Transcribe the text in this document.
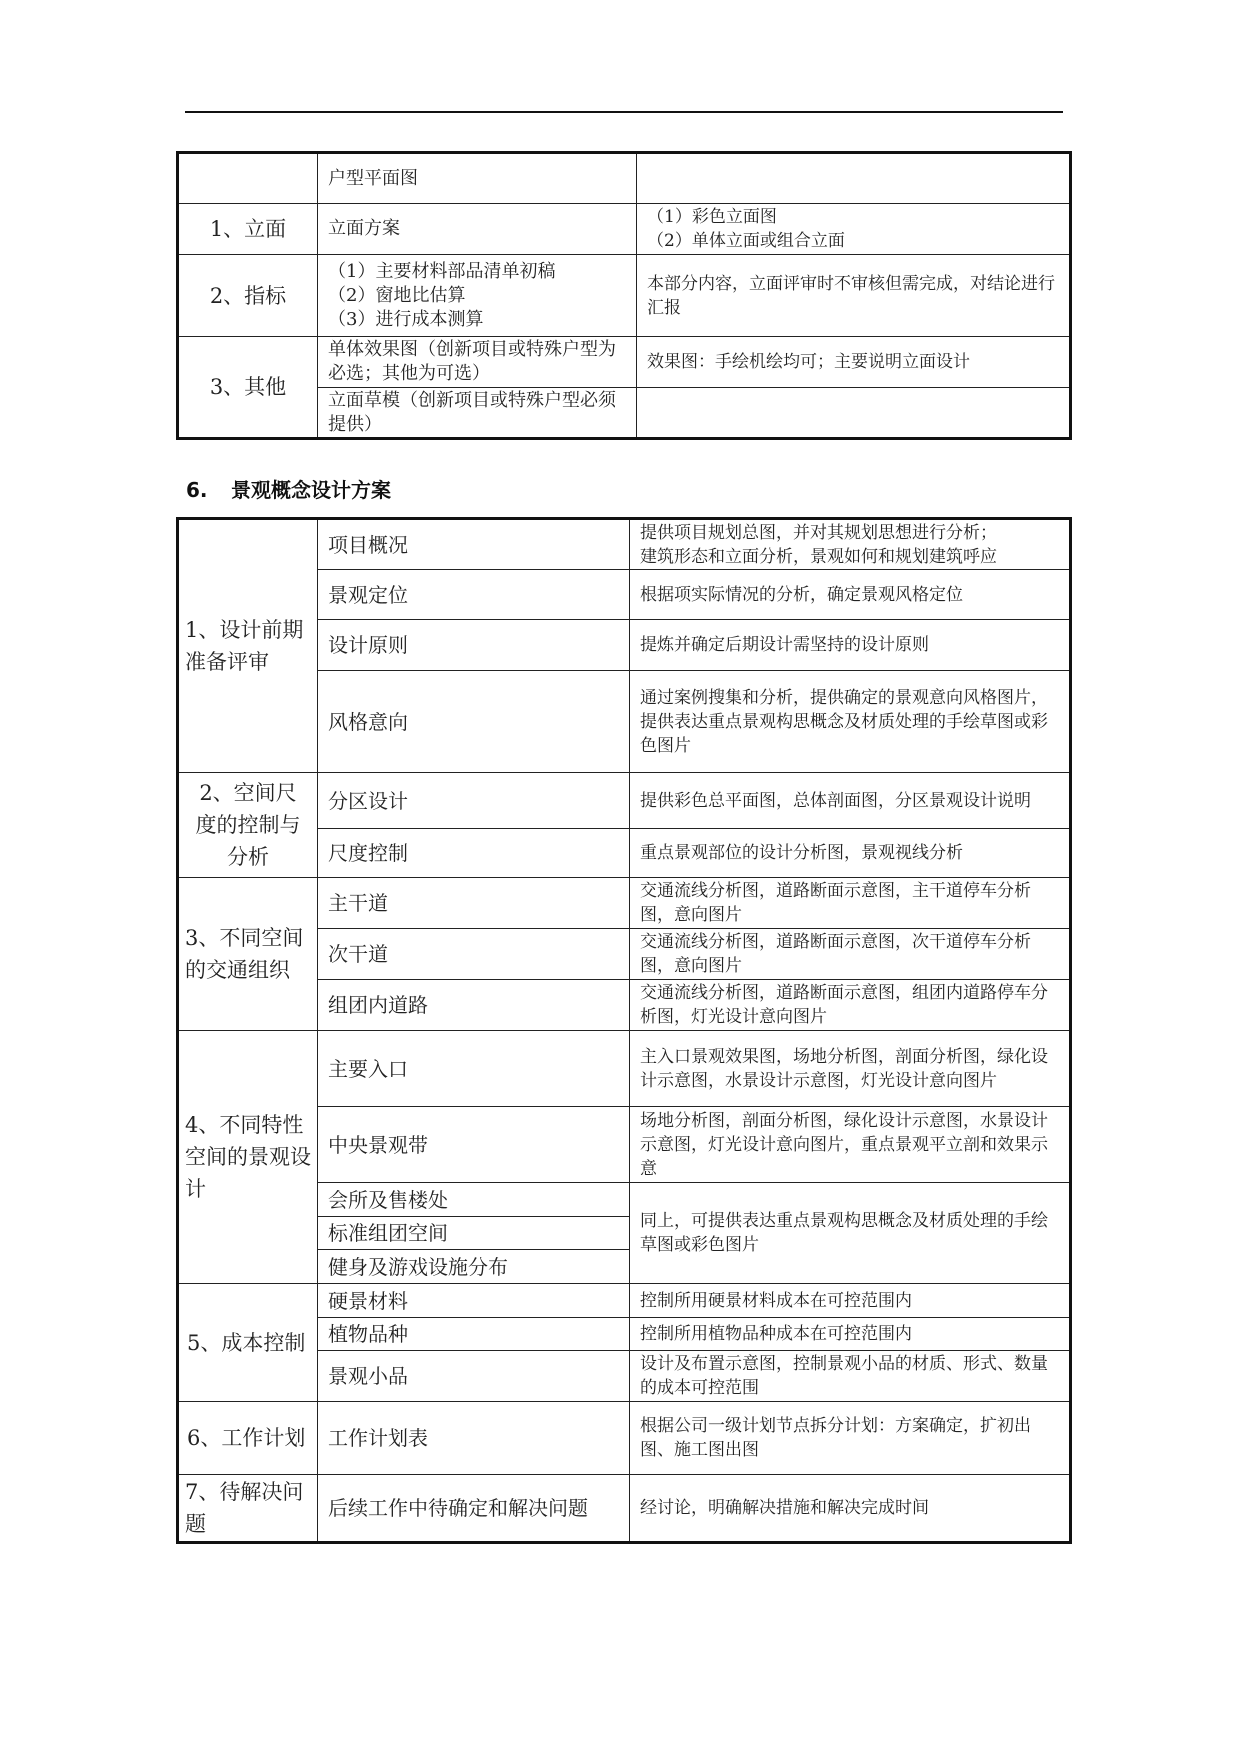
	户型平面图	
1、立面	立面方案	（1）彩色立面图
（2）单体立面或组合立面

2、指标	（1）主要材料部品清单初稿
（2）窗地比估算
（3）进行成本测算	本部分内容，立面评审时不审核但需完成，对结论进行汇报
3、其他	单体效果图（创新项目或特殊户型为必选；其他为可选）	效果图：手绘机绘均可；主要说明立面设计
	立面草模（创新项目或特殊户型必须提供）	
6. 景观概念设计方案
1、设计前期准备评审	项目概况	提供项目规划总图，并对其规划思想进行分析；
建筑形态和立面分析，景观如何和规划建筑呼应

	景观定位	根据项实际情况的分析，确定景观风格定位
	设计原则	提炼并确定后期设计需坚持的设计原则
	风格意向	通过案例搜集和分析，提供确定的景观意向风格图片，
提供表达重点景观构思概念及材质处理的手绘草图或彩色图片

2、空间尺度的控制与分析	分区设计	提供彩色总平面图，总体剖面图，分区景观设计说明
	尺度控制	重点景观部位的设计分析图，景观视线分析
3、不同空间的交通组织	主干道	交通流线分析图，道路断面示意图，主干道停车分析图，意向图片
	次干道	交通流线分析图，道路断面示意图，次干道停车分析图，意向图片
	组团内道路	交通流线分析图，道路断面示意图，组团内道路停车分析图，灯光设计意向图片
4、不同特性空间的景观设计	主要入口	主入口景观效果图，场地分析图，剖面分析图，绿化设计示意图，水景设计示意图，灯光设计意向图片
	中央景观带	场地分析图，剖面分析图，绿化设计示意图，水景设计示意图，灯光设计意向图片，重点景观平立剖和效果示意
	会所及售楼处	同上，可提供表达重点景观构思概念及材质处理的手绘草图或彩色图片
	标准组团空间	
	健身及游戏设施分布	
5、成本控制	硬景材料	控制所用硬景材料成本在可控范围内
	植物品种	控制所用植物品种成本在可控范围内
	景观小品	设计及布置示意图，控制景观小品的材质、形式、数量的成本可控范围
6、工作计划	工作计划表	根据公司一级计划节点拆分计划：方案确定，扩初出图、施工图出图
7、待解决问题	后续工作中待确定和解决问题	经讨论，明确解决措施和解决完成时间
